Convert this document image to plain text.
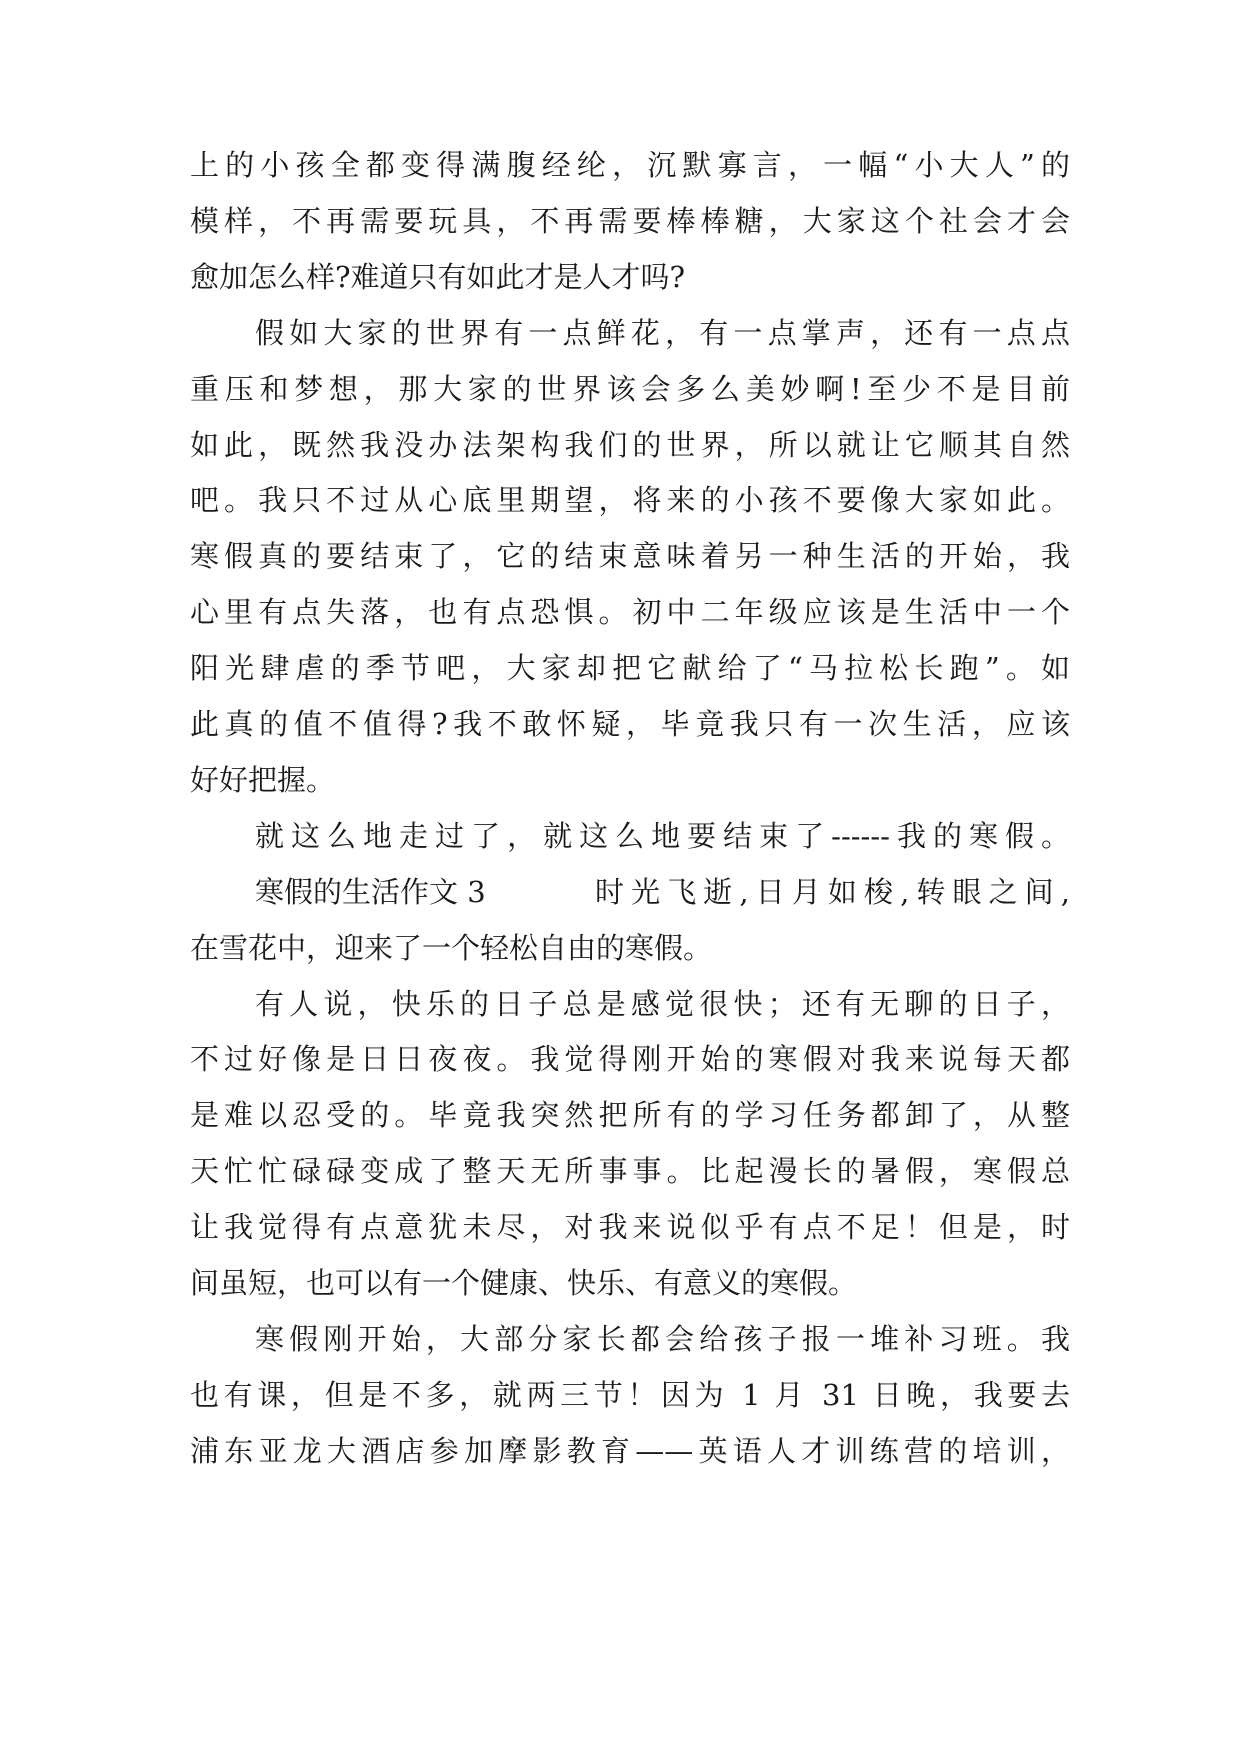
上的小孩全都变得满腹经纶，沉默寡言，一幅“小大人”的
模样，不再需要玩具，不再需要棒棒糖，大家这个社会才会
愈加怎么样?难道只有如此才是人才吗?
假如大家的世界有一点鲜花，有一点掌声，还有一点点
重压和梦想，那大家的世界该会多么美妙啊!至少不是目前
如此，既然我没办法架构我们的世界，所以就让它顺其自然
吧。我只不过从心底里期望，将来的小孩不要像大家如此。
寒假真的要结束了，它的结束意味着另一种生活的开始，我
心里有点失落，也有点恐惧。初中二年级应该是生活中一个
阳光肆虐的季节吧，大家却把它献给了“马拉松长跑”。如
此真的值不值得?我不敢怀疑，毕竟我只有一次生活，应该
好好把握。
就这么地走过了，就这么地要结束了------我的寒假。
寒假的生活作文 3	时光飞逝,日月如梭,转眼之间,
在雪花中，迎来了一个轻松自由的寒假。
有人说，快乐的日子总是感觉很快；还有无聊的日子，
不过好像是日日夜夜。我觉得刚开始的寒假对我来说每天都
是难以忍受的。毕竟我突然把所有的学习任务都卸了，从整
天忙忙碌碌变成了整天无所事事。比起漫长的暑假，寒假总
让我觉得有点意犹未尽，对我来说似乎有点不足！但是，时
间虽短，也可以有一个健康、快乐、有意义的寒假。
寒假刚开始，大部分家长都会给孩子报一堆补习班。我
也有课，但是不多，就两三节！因为 1 月 31 日晚，我要去
浦东亚龙大酒店参加摩影教育——英语人才训练营的培训，
